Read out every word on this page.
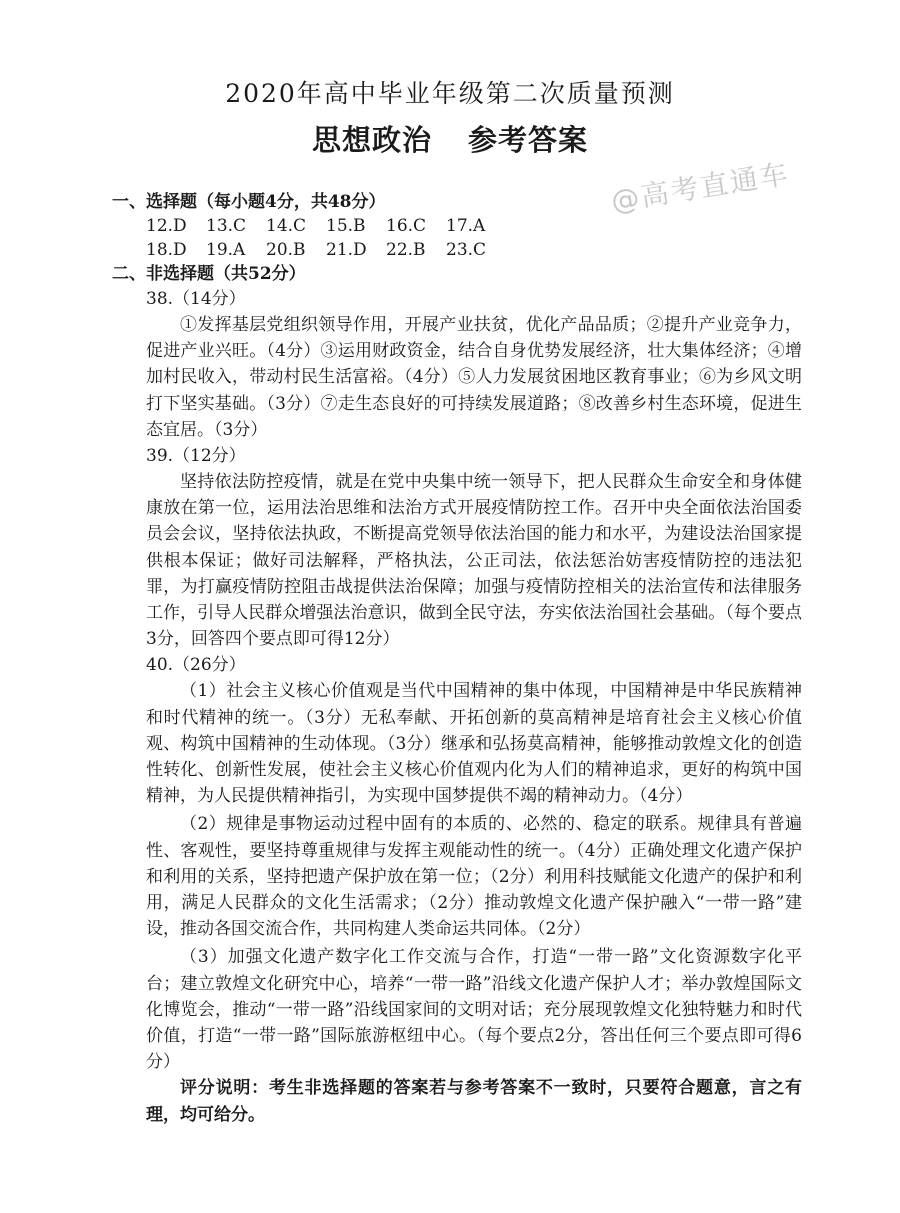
2020年高中毕业年级第二次质量预测
思想政治 参考答案
@高考直通车
一、选择题（每小题4分，共48分）
12.D 13.C 14.C 15.B 16.C 17.A
18.D 19.A 20.B 21.D 22.B 23.C
二、非选择题（共52分）
38.（14分）

①发挥基层党组织领导作用，开展产业扶贫，优化产品品质；②提升产业竞争力，促进产业兴旺。（4分）③运用财政资金，结合自身优势发展经济，壮大集体经济；④增加村民收入，带动村民生活富裕。（4分）⑤人力发展贫困地区教育事业；⑥为乡风文明打下坚实基础。（3分）⑦走生态良好的可持续发展道路；⑧改善乡村生态环境，促进生态宜居。（3分）

39.（12分）

坚持依法防控疫情，就是在党中央集中统一领导下，把人民群众生命安全和身体健康放在第一位，运用法治思维和法治方式开展疫情防控工作。召开中央全面依法治国委员会会议，坚持依法执政，不断提高党领导依法治国的能力和水平，为建设法治国家提供根本保证；做好司法解释，严格执法，公正司法，依法惩治妨害疫情防控的违法犯罪，为打赢疫情防控阻击战提供法治保障；加强与疫情防控相关的法治宣传和法律服务工作，引导人民群众增强法治意识，做到全民守法，夯实依法治国社会基础。（每个要点3分，回答四个要点即可得12分）

40.（26分）

（1）社会主义核心价值观是当代中国精神的集中体现，中国精神是中华民族精神和时代精神的统一。（3分）无私奉献、开拓创新的莫高精神是培育社会主义核心价值观、构筑中国精神的生动体现。（3分）继承和弘扬莫高精神，能够推动敦煌文化的创造性转化、创新性发展，使社会主义核心价值观内化为人们的精神追求，更好的构筑中国精神，为人民提供精神指引，为实现中国梦提供不竭的精神动力。（4分）

（2）规律是事物运动过程中固有的本质的、必然的、稳定的联系。规律具有普遍性、客观性，要坚持尊重规律与发挥主观能动性的统一。（4分）正确处理文化遗产保护和利用的关系，坚持把遗产保护放在第一位；（2分）利用科技赋能文化遗产的保护和利用，满足人民群众的文化生活需求；（2分）推动敦煌文化遗产保护融入“一带一路”建设，推动各国交流合作，共同构建人类命运共同体。（2分）

（3）加强文化遗产数字化工作交流与合作，打造“一带一路”文化资源数字化平台；建立敦煌文化研究中心，培养“一带一路”沿线文化遗产保护人才；举办敦煌国际文化博览会，推动“一带一路”沿线国家间的文明对话；充分展现敦煌文化独特魅力和时代价值，打造“一带一路”国际旅游枢纽中心。（每个要点2分，答出任何三个要点即可得6分）

评分说明：考生非选择题的答案若与参考答案不一致时，只要符合题意，言之有理，均可给分。
